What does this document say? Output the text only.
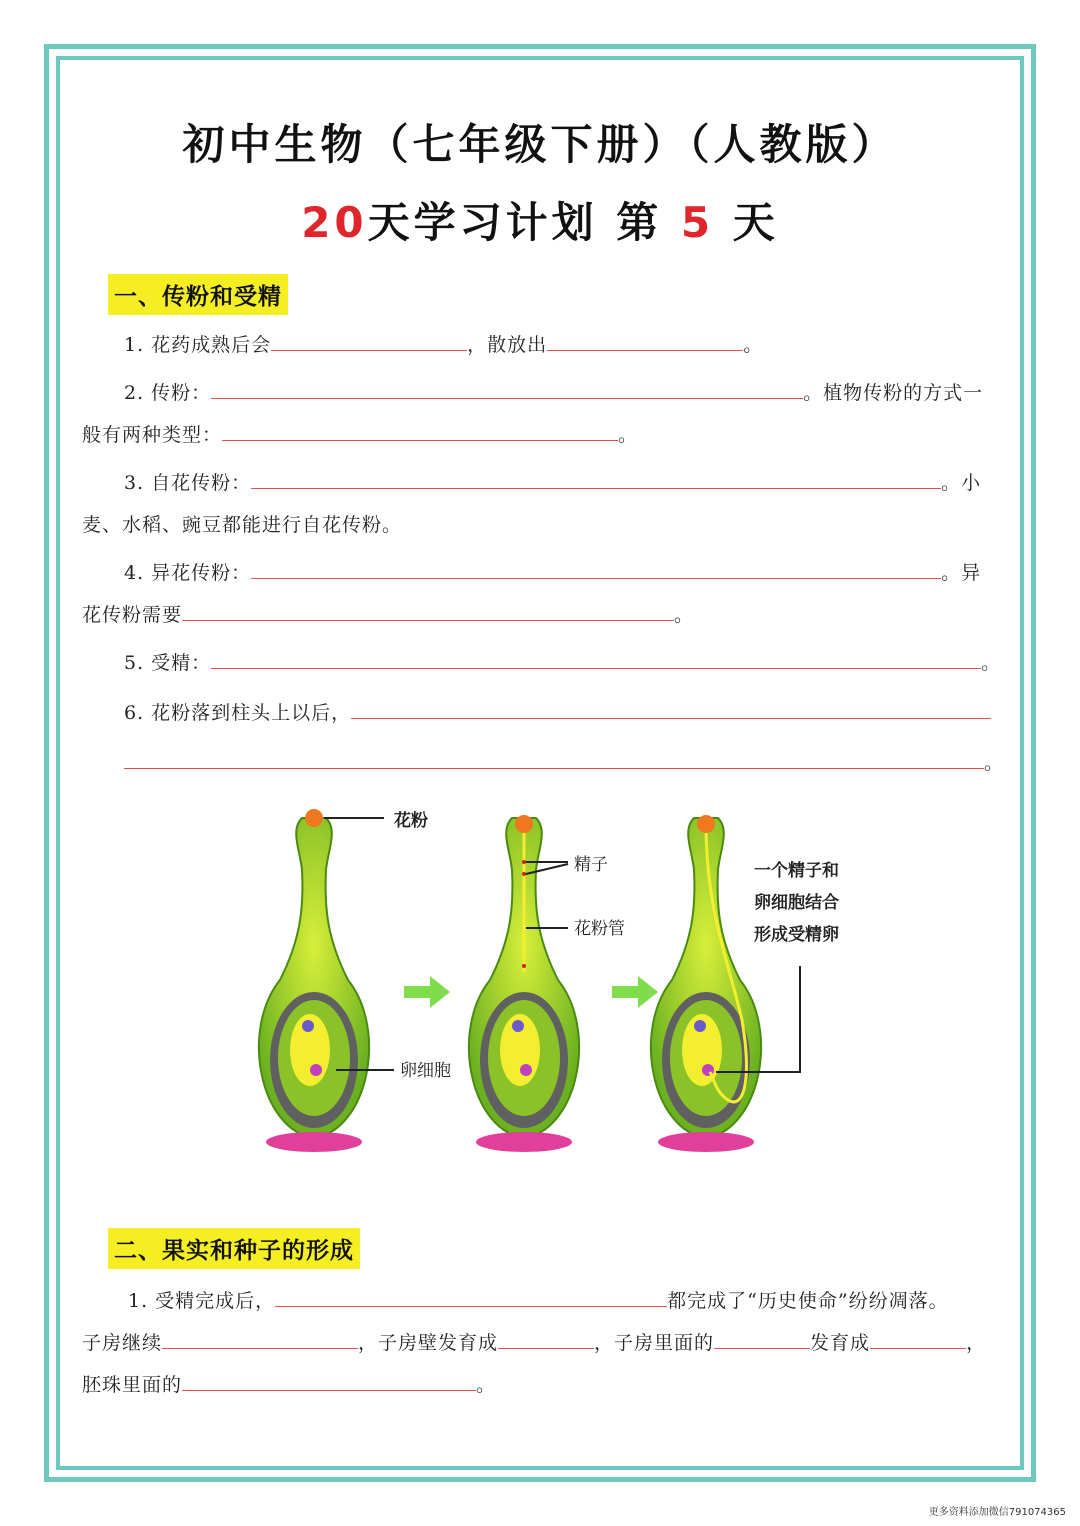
初中生物（七年级下册）（人教版）
20天学习计划 第 5 天
一、传粉和受精
1. 花药成熟后会	，散放出	。
2. 传粉：	。植物传粉的方式一
般有两种类型：	。
3. 自花传粉：	。小
麦、水稻、豌豆都能进行自花传粉。
4. 异花传粉：	。异
花传粉需要	。
5. 受精：	。
6. 花粉落到柱头上以后，
。
花粉
卵细胞
精子
花粉管
一个精子和
卵细胞结合
形成受精卵
二、果实和种子的形成
1. 受精完成后，	都完成了“历史使命”纷纷凋落。
子房继续	，子房壁发育成	，子房里面的	发育成	，
胚珠里面的	。
更多资料添加微信791074365
